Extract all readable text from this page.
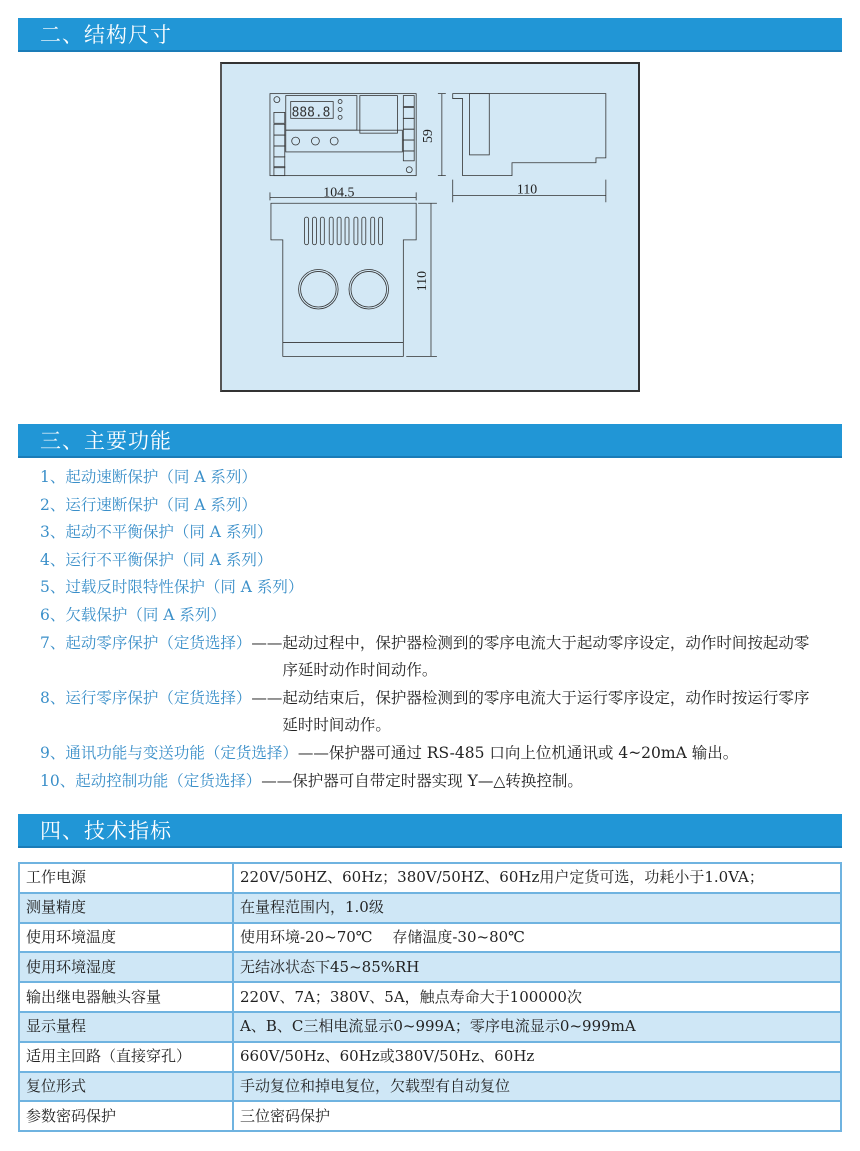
二、结构尺寸
888.8
59
110
104.5
110
三、主要功能
1、起动速断保护（同 A 系列）
2、运行速断保护（同 A 系列）
3、起动不平衡保护（同 A 系列）
4、运行不平衡保护（同 A 系列）
5、过载反时限特性保护（同 A 系列）
6、欠载保护（同 A 系列）
7、起动零序保护（定货选择） —— 起动过程中，保护器检测到的零序电流大于起动零序设定，动作时间按起动零序延时动作时间动作。
8、运行零序保护（定货选择） —— 起动结束后，保护器检测到的零序电流大于运行零序设定，动作时按运行零序延时时间动作。
9、通讯功能与变送功能（定货选择） —— 保护器可通过 RS-485 口向上位机通讯或 4~20mA 输出。
10、起动控制功能（定货选择） —— 保护器可自带定时器实现 Y—△转换控制。
四、技术指标
工作电源	220V/50HZ、60Hz；380V/50HZ、60Hz用户定货可选，功耗小于1.0VA；
测量精度	在量程范围内，1.0级
使用环境温度	使用环境-20~70℃　 存储温度-30~80℃
使用环境湿度	无结冰状态下45~85%RH
输出继电器触头容量	220V、7A；380V、5A，触点寿命大于100000次
显示量程	A、B、C三相电流显示0~999A；零序电流显示0~999mA
适用主回路（直接穿孔）	660V/50Hz、60Hz或380V/50Hz、60Hz
复位形式	手动复位和掉电复位，欠载型有自动复位
参数密码保护	三位密码保护
